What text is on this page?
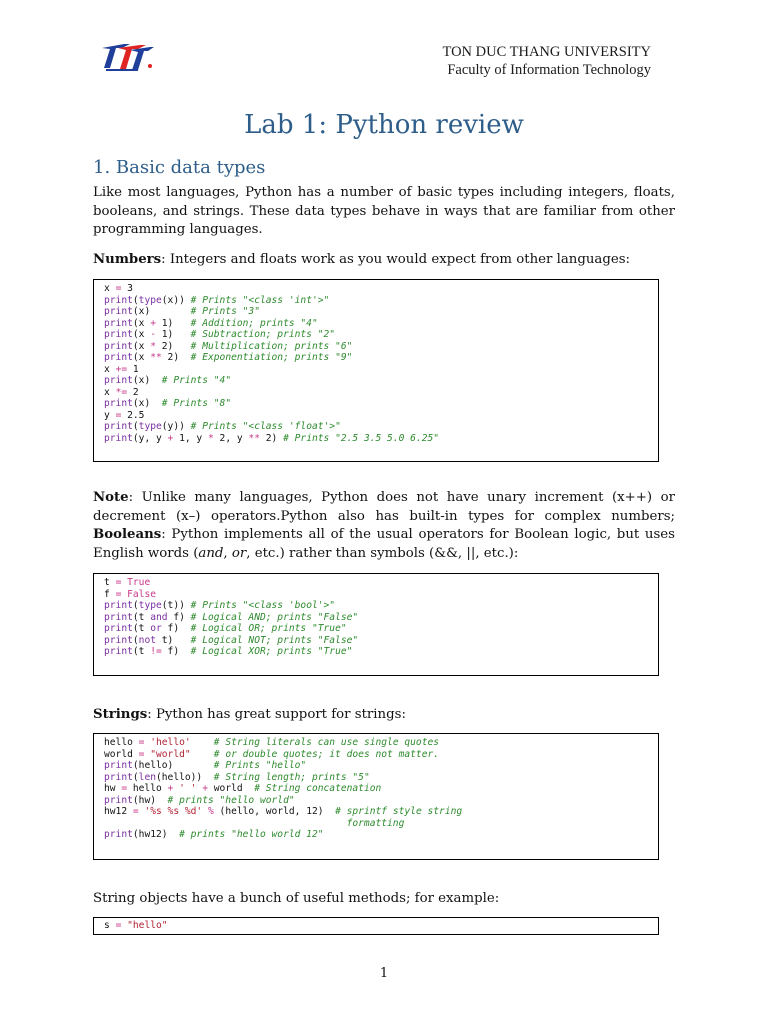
TON DUC THANG UNIVERSITY
Faculty of Information Technology
Lab 1: Python review
1. Basic data types
Like most languages, Python has a number of basic types including integers, floats, booleans, and strings. These data types behave in ways that are familiar from other programming languages.
Numbers: Integers and floats work as you would expect from other languages:
x = 3
print(type(x)) # Prints "<class 'int'>"
print(x)       # Prints "3"
print(x + 1)   # Addition; prints "4"
print(x - 1)   # Subtraction; prints "2"
print(x * 2)   # Multiplication; prints "6"
print(x ** 2)  # Exponentiation; prints "9"
x += 1
print(x)  # Prints "4"
x *= 2
print(x)  # Prints "8"
y = 2.5
print(type(y)) # Prints "<class 'float'>"
print(y, y + 1, y * 2, y ** 2) # Prints "2.5 3.5 5.0 6.25"
Note: Unlike many languages, Python does not have unary increment (x++) or decrement (x–) operators.Python also has built-in types for complex numbers; Booleans: Python implements all of the usual operators for Boolean logic, but uses English words (and, or, etc.) rather than symbols (&&, ||, etc.):
t = True
f = False
print(type(t)) # Prints "<class 'bool'>"
print(t and f) # Logical AND; prints "False"
print(t or f)  # Logical OR; prints "True"
print(not t)   # Logical NOT; prints "False"
print(t != f)  # Logical XOR; prints "True"
Strings: Python has great support for strings:
hello = 'hello' # String literals can use single quotes
world = "world" # or double quotes; it does not matter.
print(hello)       # Prints "hello"
print(len(hello))  # String length; prints "5"
hw = hello + ' ' + world  # String concatenation
print(hw)  # prints "hello world"
hw12 = '%s %s %d' % (hello, world, 12)  # sprintf style string
formatting
print(hw12)  # prints "hello world 12"
String objects have a bunch of useful methods; for example:
s = "hello"
1
